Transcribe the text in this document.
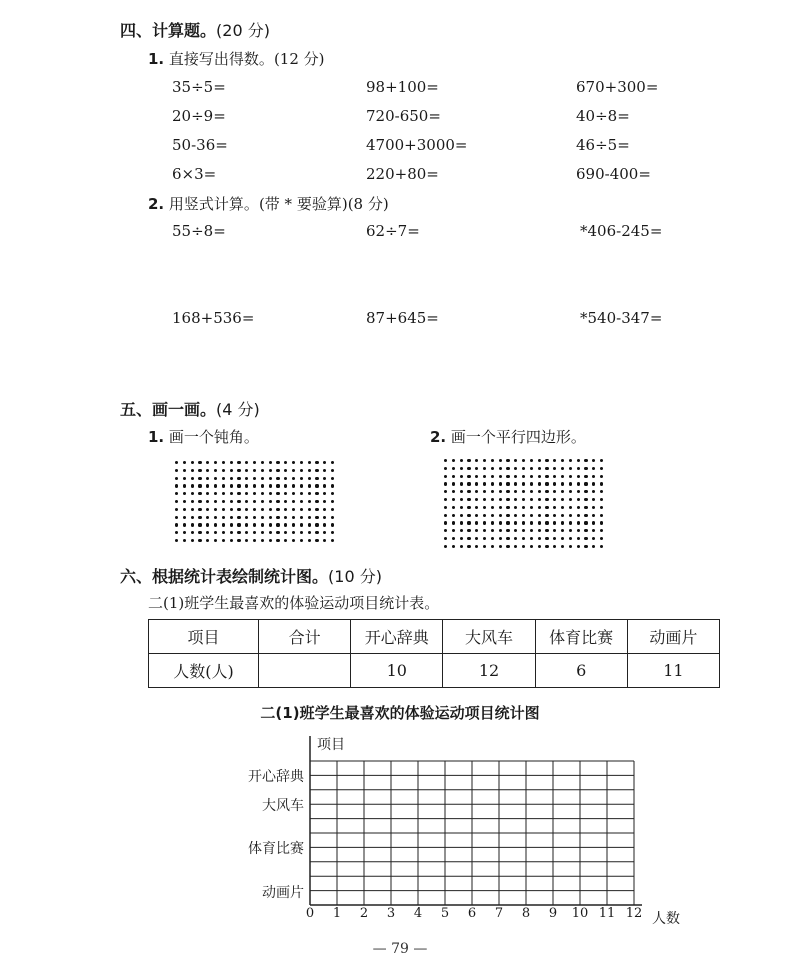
四、计算题。(20 分)
1. 直接写出得数。(12 分)
35÷5=	98+100=	670+300=
20÷9=	720-650=	40÷8=
50-36=	4700+3000=	46÷5=
6×3=	220+80=	690-400=
2. 用竖式计算。(带 * 要验算)(8 分)
55÷8=	62÷7=	*406-245=
168+536=	87+645=	*540-347=
五、画一画。(4 分)
1. 画一个钝角。	2. 画一个平行四边形。
六、根据统计表绘制统计图。(10 分)
二(1)班学生最喜欢的体验运动项目统计表。
项目	合计	开心辞典	大风车	体育比赛	动画片
人数(人)		10	12	6	11
二(1)班学生最喜欢的体验运动项目统计图
项目
人数
开心辞典
大风车
体育比赛
动画片
0	1	2	3	4	5	6	7	8	9	10 11 12
— 79 —
